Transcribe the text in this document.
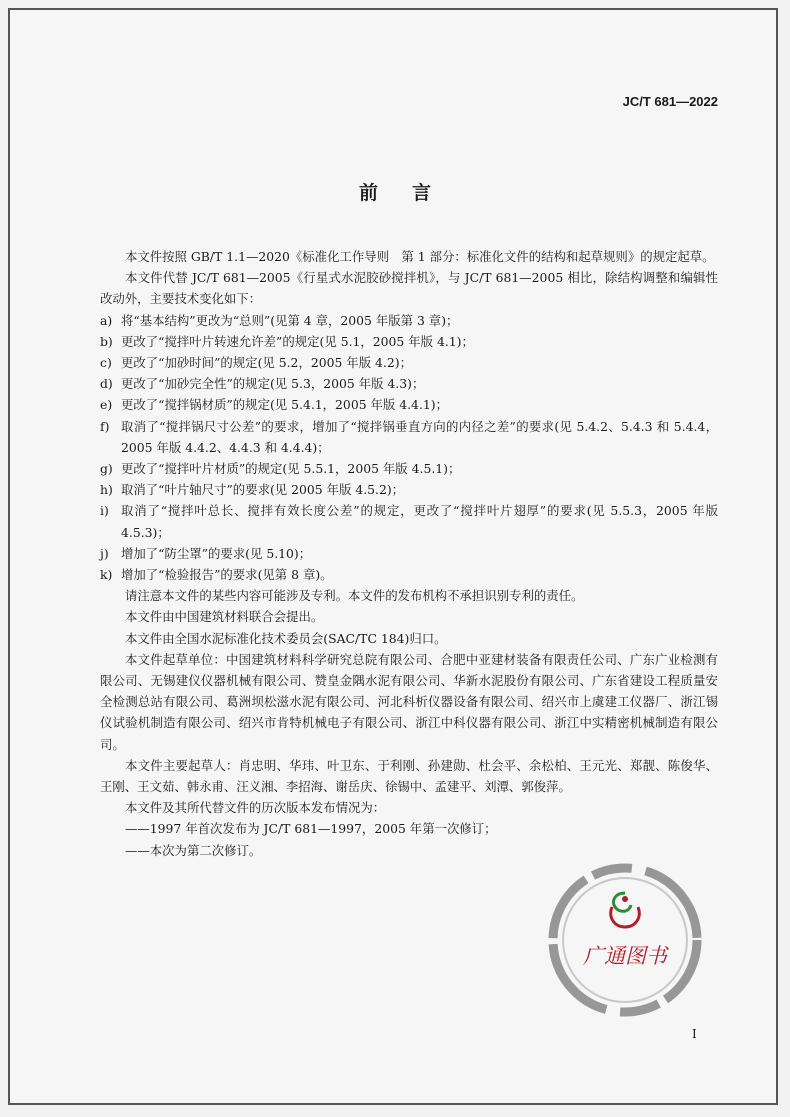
JC/T 681—2022
前言

本文件按照 GB/T 1.1—2020《标准化工作导则　第 1 部分：标准化文件的结构和起草规则》的规定起草。

本文件代替 JC/T 681—2005《行星式水泥胶砂搅拌机》，与 JC/T 681—2005 相比，除结构调整和编辑性改动外，主要技术变化如下：

a) 将“基本结构”更改为“总则”(见第 4 章，2005 年版第 3 章)；
b) 更改了“搅拌叶片转速允许差”的规定(见 5.1，2005 年版 4.1)；
c) 更改了“加砂时间”的规定(见 5.2，2005 年版 4.2)；
d) 更改了“加砂完全性”的规定(见 5.3，2005 年版 4.3)；
e) 更改了“搅拌锅材质”的规定(见 5.4.1，2005 年版 4.4.1)；
f) 取消了“搅拌锅尺寸公差”的要求，增加了“搅拌锅垂直方向的内径之差”的要求(见 5.4.2、5.4.3 和 5.4.4，2005 年版 4.4.2、4.4.3 和 4.4.4)；
g) 更改了“搅拌叶片材质”的规定(见 5.5.1，2005 年版 4.5.1)；
h) 取消了“叶片轴尺寸”的要求(见 2005 年版 4.5.2)；
i) 取消了“搅拌叶总长、搅拌有效长度公差”的规定，更改了“搅拌叶片翅厚”的要求(见 5.5.3，2005 年版 4.5.3)；
j) 增加了“防尘罩”的要求(见 5.10)；
k) 增加了“检验报告”的要求(见第 8 章)。

请注意本文件的某些内容可能涉及专利。本文件的发布机构不承担识别专利的责任。

本文件由中国建筑材料联合会提出。

本文件由全国水泥标准化技术委员会(SAC/TC 184)归口。

本文件起草单位：中国建筑材料科学研究总院有限公司、合肥中亚建材装备有限责任公司、广东广业检测有限公司、无锡建仪仪器机械有限公司、赞皇金隅水泥有限公司、华新水泥股份有限公司、广东省建设工程质量安全检测总站有限公司、葛洲坝松滋水泥有限公司、河北科析仪器设备有限公司、绍兴市上虞建工仪器厂、浙江锡仪试验机制造有限公司、绍兴市肯特机械电子有限公司、浙江中科仪器有限公司、浙江中实精密机械制造有限公司。

本文件主要起草人：肖忠明、华玮、叶卫东、于利刚、孙建勋、杜会平、余松柏、王元光、郑靓、陈俊华、王刚、王文茹、韩永甫、汪义湘、李招海、谢岳庆、徐锡中、孟建平、刘潭、郭俊萍。

本文件及其所代替文件的历次版本发布情况为：

——1997 年首次发布为 JC/T 681—1997，2005 年第一次修订；

——本次为第二次修订。

广通图书
I
